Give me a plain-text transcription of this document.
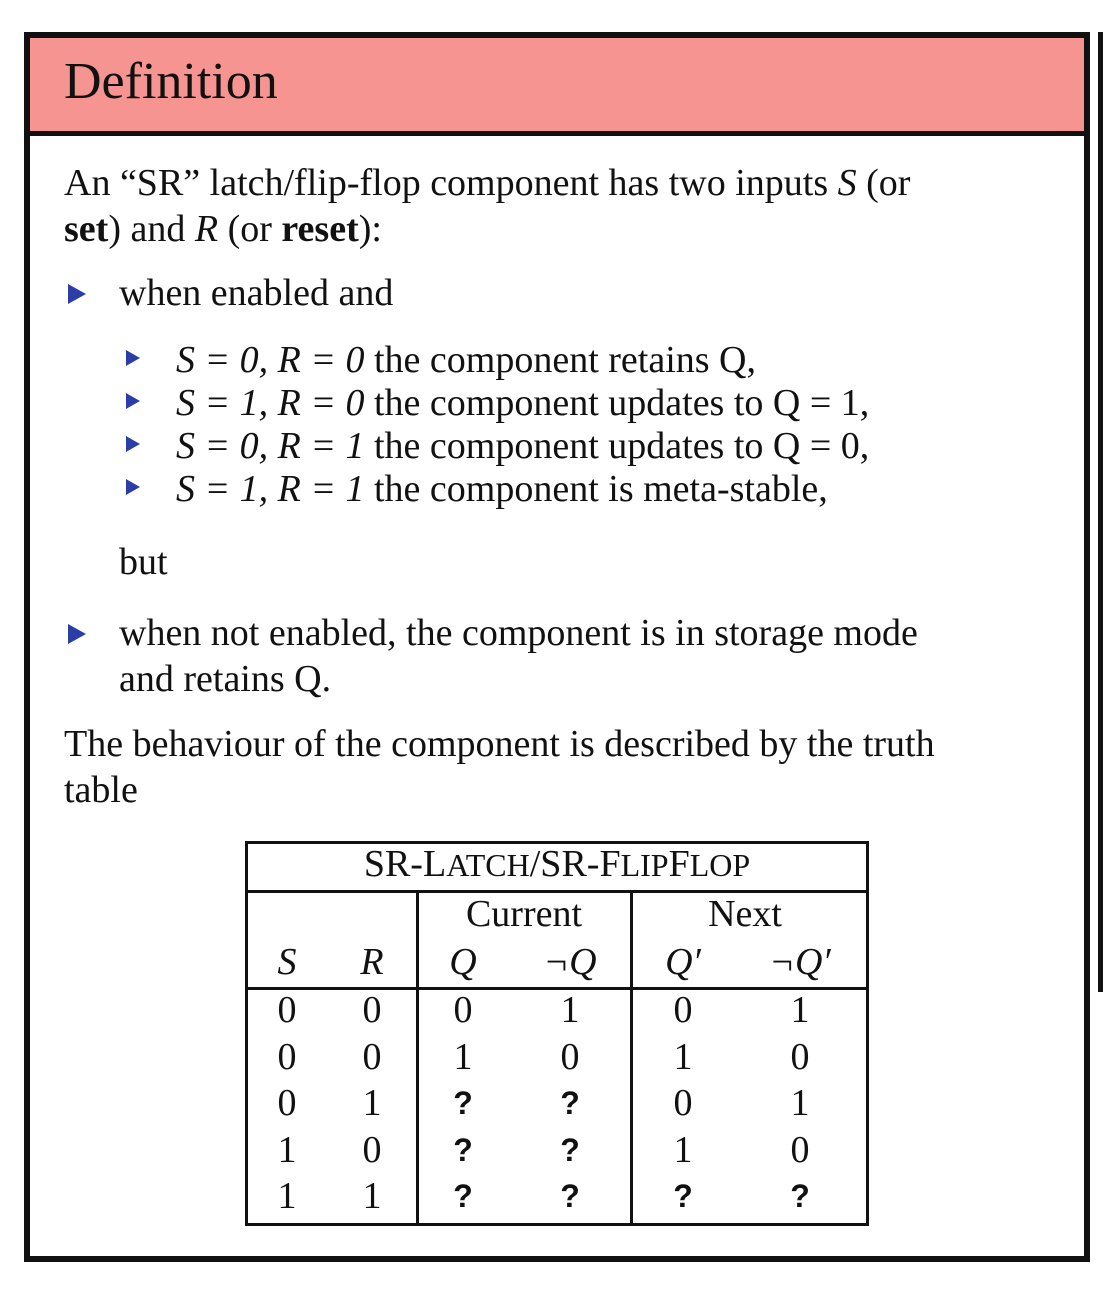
Definition
An “SR” latch/flip-flop component has two inputs S (or
set) and R (or reset):
when enabled and
S = 0, R = 0 the component retains Q,
S = 1, R = 0 the component updates to Q = 1,
S = 0, R = 1 the component updates to Q = 0,
S = 1, R = 1 the component is meta-stable,
but
when not enabled, the component is in storage mode
and retains Q.
The behaviour of the component is described by the truth
table
SR-LATCH/SR-FLIPFLOP
Current	Next
S R Q ¬Q Q′ ¬Q′
0 0 0 1 0	1
0 0 1 0 1	0
0 1 ?	? 0	1
1 0 ?	? 1	0
1 1 ?	?	?	?
